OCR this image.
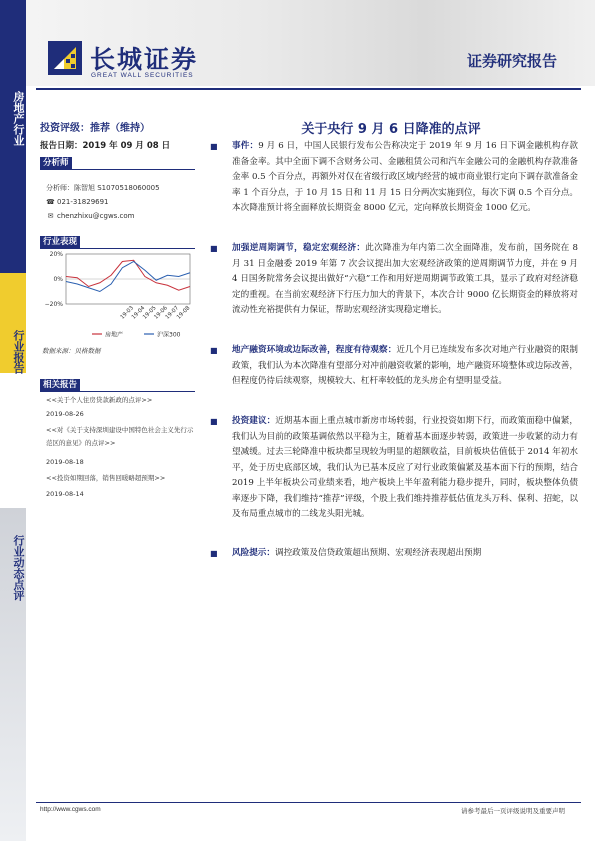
房地产行业
行业报告
行业动态点评
长城证券
GREAT WALL SECURITIES
证券研究报告
投资评级：推荐（维持）
报告日期：2019 年 09 月 08 日
分析师
分析师：陈智旭 S1070518060005
☎ 021-31829691
✉ chenzhixu@cgws.com
行业表现
20%
0%
−20%
19-03
19-04
19-05
19-06
19-07
19-08
房地产	沪深300
数据来源：贝格数据
相关报告
<<关于个人住房贷款新政的点评>>
2019-08-26
<<对《关于支持深圳建设中国特色社会主义先行示范区的意见》的点评>>
2019-08-18
<<投资如期回落，销售回暖略超预期>>
2019-08-14
关于央行 9 月 6 日降准的点评
■	事件：9 月 6 日，中国人民银行发布公告称决定于 2019 年 9 月 16 日下调金融机构存款准备金率。其中全面下调不含财务公司、金融租赁公司和汽车金融公司的金融机构存款准备金率 0.5 个百分点，再额外对仅在省级行政区域内经营的城市商业银行定向下调存款准备金率 1 个百分点，于 10 月 15 日和 11 月 15 日分两次实施到位，每次下调 0.5 个百分点。本次降准预计将全面释放长期资金 8000 亿元，定向释放长期资金 1000 亿元。
■	加强逆周期调节，稳定宏观经济：此次降准为年内第二次全面降准，发布前，国务院在 8 月 31 日金融委 2019 年第 7 次会议提出加大宏观经济政策的逆周期调节力度，并在 9 月 4 日国务院常务会议提出做好“六稳”工作和用好逆周期调节政策工具，显示了政府对经济稳定的重视。在当前宏观经济下行压力加大的背景下，本次合计 9000 亿长期资金的释放将对流动性充裕提供有力保证，帮助宏观经济实现稳定增长。
■	地产融资环境或边际改善，程度有待观察：近几个月已连续发布多次对地产行业融资的限制政策，我们认为本次降准有望部分对冲前融资收紧的影响，地产融资环境整体或边际改善，但程度仍待后续观察，规模较大、杠杆率较低的龙头房企有望明显受益。
■	投资建议：近期基本面上重点城市新房市场转弱，行业投资如期下行，而政策面稳中偏紧，我们认为目前的政策基调依然以平稳为主，随着基本面逐步转弱，政策进一步收紧的动力有望减缓。过去三轮降准中板块都呈现较为明显的超额收益，目前板块估值低于 2014 年初水平，处于历史底部区域，我们认为已基本反应了对行业政策偏紧及基本面下行的预期，结合 2019 上半年板块公司业绩来看，地产板块上半年盈利能力稳步提升，同时，板块整体负债率逐步下降，我们维持“推荐”评级，个股上我们维持推荐低估值龙头万科、保利、招蛇，以及布局重点城市的二线龙头阳光城。
■	风险提示：调控政策及信贷政策超出预期、宏观经济表现超出预期
http://www.cgws.com	请参考最后一页评级说明及重要声明
